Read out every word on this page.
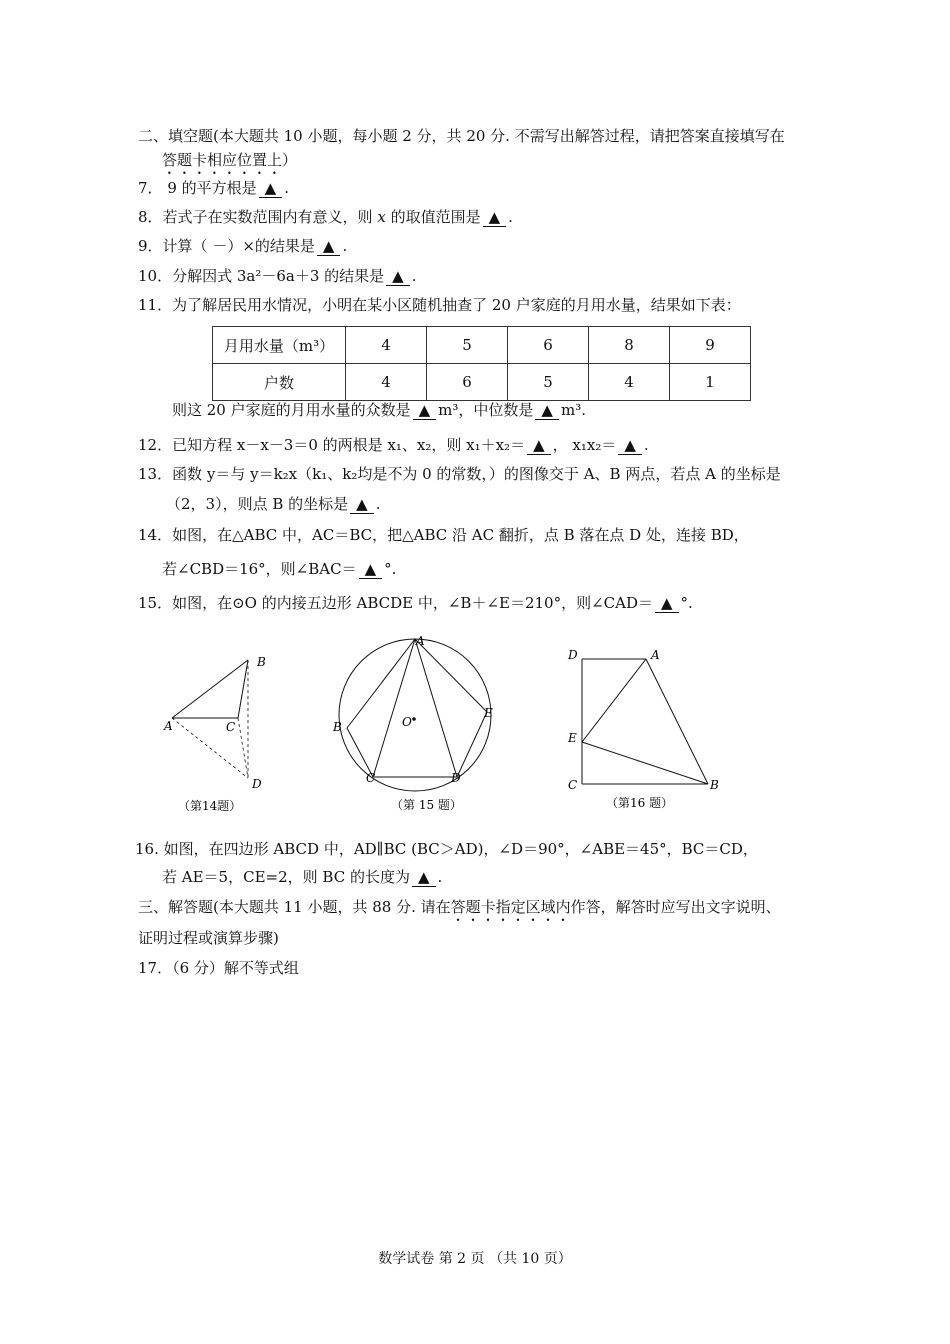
二、填空题(本大题共 10 小题，每小题 2 分，共 20 分. 不需写出解答过程，请把答案直接填写在
答题卡相应位置上）
7． 9 的平方根是 ▲ .
8．若式子在实数范围内有意义，则 x 的取值范围是 ▲ .
9．计算（ －）×的结果是 ▲ .
10．分解因式 3a²－6a＋3 的结果是 ▲ .
11．为了解居民用水情况，小明在某小区随机抽查了 20 户家庭的月用水量，结果如下表：
月用水量（m³）	4	5	6	8	9
户数	4	6	5	4	1
则这 20 户家庭的月用水量的众数是 ▲ m³，中位数是 ▲ m³.
12．已知方程 x－x－3＝0 的两根是 x₁、x₂，则 x₁＋x₂＝ ▲ ， x₁x₂＝ ▲ .
13．函数 y＝与 y＝k₂x（k₁、k₂均是不为 0 的常数，）的图像交于 A、B 两点，若点 A 的坐标是
（2，3），则点 B 的坐标是 ▲ .
14．如图，在△ABC 中，AC＝BC，把△ABC 沿 AC 翻折，点 B 落在点 D 处，连接 BD，
若∠CBD＝16°，则∠BAC＝ ▲ °.
15．如图，在⊙O 的内接五边形 ABCDE 中，∠B＋∠E＝210°，则∠CAD＝ ▲ °.
A
B
C
D
（第14题）
A
B
C	D
E
O
（第 15 题）
A
B
C
D
E
（第16 题）
16. 如图，在四边形 ABCD 中，AD∥BC (BC＞AD)，∠D＝90°，∠ABE＝45°，BC＝CD，
若 AE＝5，CE=2，则 BC 的长度为 ▲ .
三、解答题(本大题共 11 小题，共 88 分. 请在答题卡指定区域内作答，解答时应写出文字说明、
证明过程或演算步骤)
17．（6 分）解不等式组
数学试卷 第 2 页 （共 10 页）
